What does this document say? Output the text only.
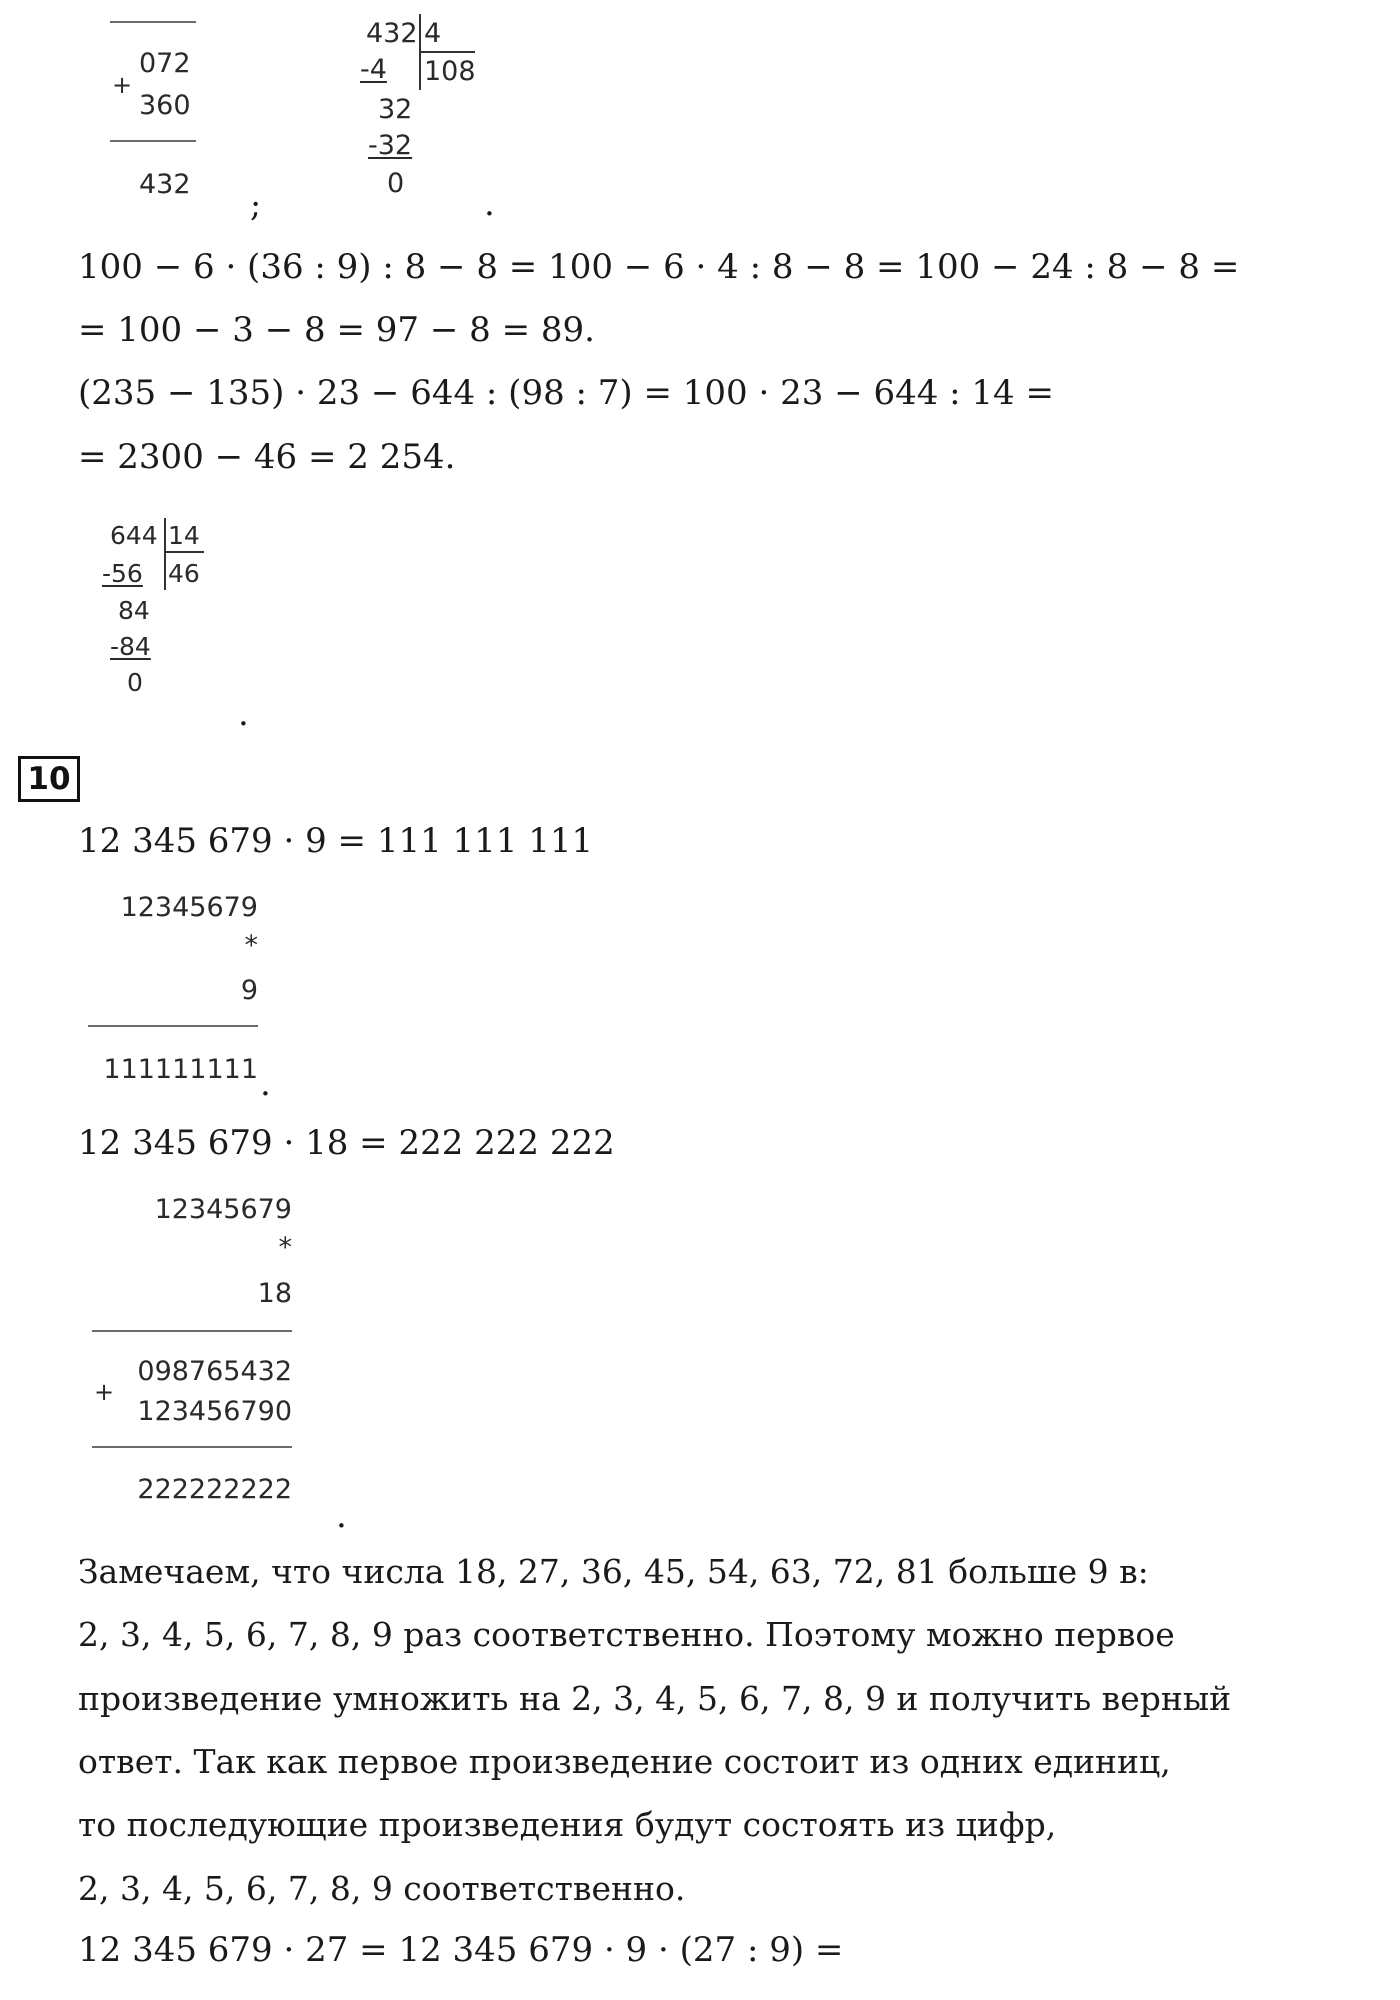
072
+
360
432
;
432 4
108
-4
32
-32
0
.
100 − 6 · (36 : 9) : 8 − 8 = 100 − 6 · 4 : 8 − 8 = 100 − 24 : 8 − 8 =
= 100 − 3 − 8 = 97 − 8 = 89.
(235 − 135) · 23 − 644 : (98 : 7) = 100 · 23 − 644 : 14 =
= 2300 − 46 = 2 254.
644 14
46
-56
84
-84
0
.
10
12 345 679 · 9 = 111 111 111
12345679
*
9
111111111 .
12 345 679 · 18 = 222 222 222
12345679
*
18
098765432
+
123456790
222222222
.
Замечаем, что числа 18, 27, 36, 45, 54, 63, 72, 81 больше 9 в:
2, 3, 4, 5, 6, 7, 8, 9 раз соответственно. Поэтому можно первое
произведение умножить на 2, 3, 4, 5, 6, 7, 8, 9 и получить верный
ответ. Так как первое произведение состоит из одних единиц,
то последующие произведения будут состоять из цифр,
2, 3, 4, 5, 6, 7, 8, 9 соответственно.
12 345 679 · 27 = 12 345 679 · 9 · (27 : 9) =
